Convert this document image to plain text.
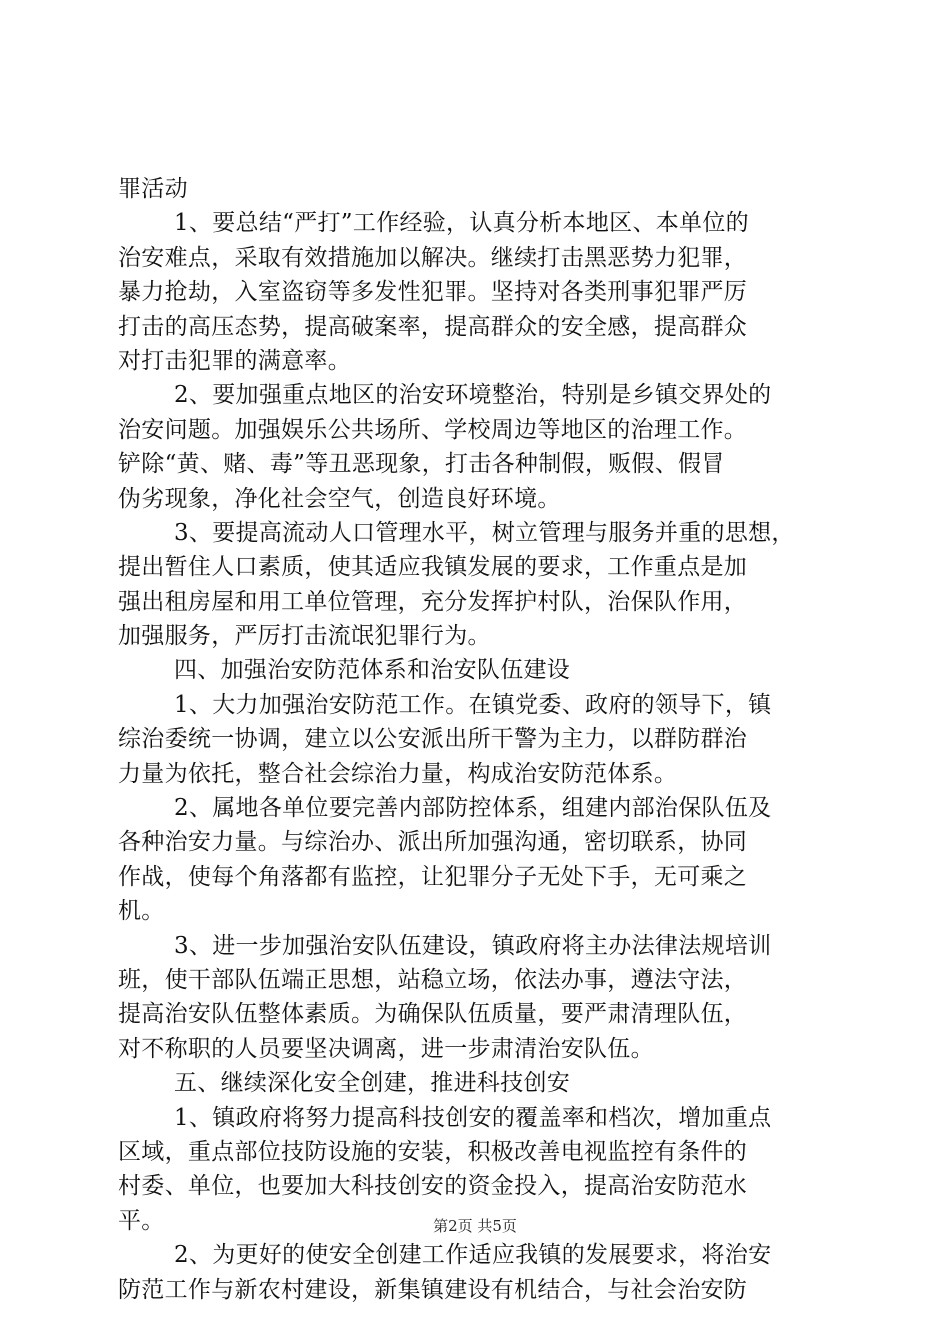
罪活动
1、要总结“严打”工作经验，认真分析本地区、本单位的
治安难点，采取有效措施加以解决。继续打击黑恶势力犯罪，
暴力抢劫，入室盗窃等多发性犯罪。坚持对各类刑事犯罪严厉
打击的高压态势，提高破案率，提高群众的安全感，提高群众
对打击犯罪的满意率。
2、要加强重点地区的治安环境整治，特别是乡镇交界处的
治安问题。加强娱乐公共场所、学校周边等地区的治理工作。
铲除“黄、赌、毒”等丑恶现象，打击各种制假，贩假、假冒
伪劣现象，净化社会空气，创造良好环境。
3、要提高流动人口管理水平，树立管理与服务并重的思想，
提出暂住人口素质，使其适应我镇发展的要求，工作重点是加
强出租房屋和用工单位管理，充分发挥护村队，治保队作用，
加强服务，严厉打击流氓犯罪行为。
四、加强治安防范体系和治安队伍建设
1、大力加强治安防范工作。在镇党委、政府的领导下，镇
综治委统一协调，建立以公安派出所干警为主力，以群防群治
力量为依托，整合社会综治力量，构成治安防范体系。
2、属地各单位要完善内部防控体系，组建内部治保队伍及
各种治安力量。与综治办、派出所加强沟通，密切联系，协同
作战，使每个角落都有监控，让犯罪分子无处下手，无可乘之
机。
3、进一步加强治安队伍建设，镇政府将主办法律法规培训
班，使干部队伍端正思想，站稳立场，依法办事，遵法守法，
提高治安队伍整体素质。为确保队伍质量，要严肃清理队伍，
对不称职的人员要坚决调离，进一步肃清治安队伍。
五、继续深化安全创建，推进科技创安
1、镇政府将努力提高科技创安的覆盖率和档次，增加重点
区域，重点部位技防设施的安装，积极改善电视监控有条件的
村委、单位，也要加大科技创安的资金投入，提高治安防范水
平。
2、为更好的使安全创建工作适应我镇的发展要求，将治安
防范工作与新农村建设，新集镇建设有机结合，与社会治安防
第2页 共5页
